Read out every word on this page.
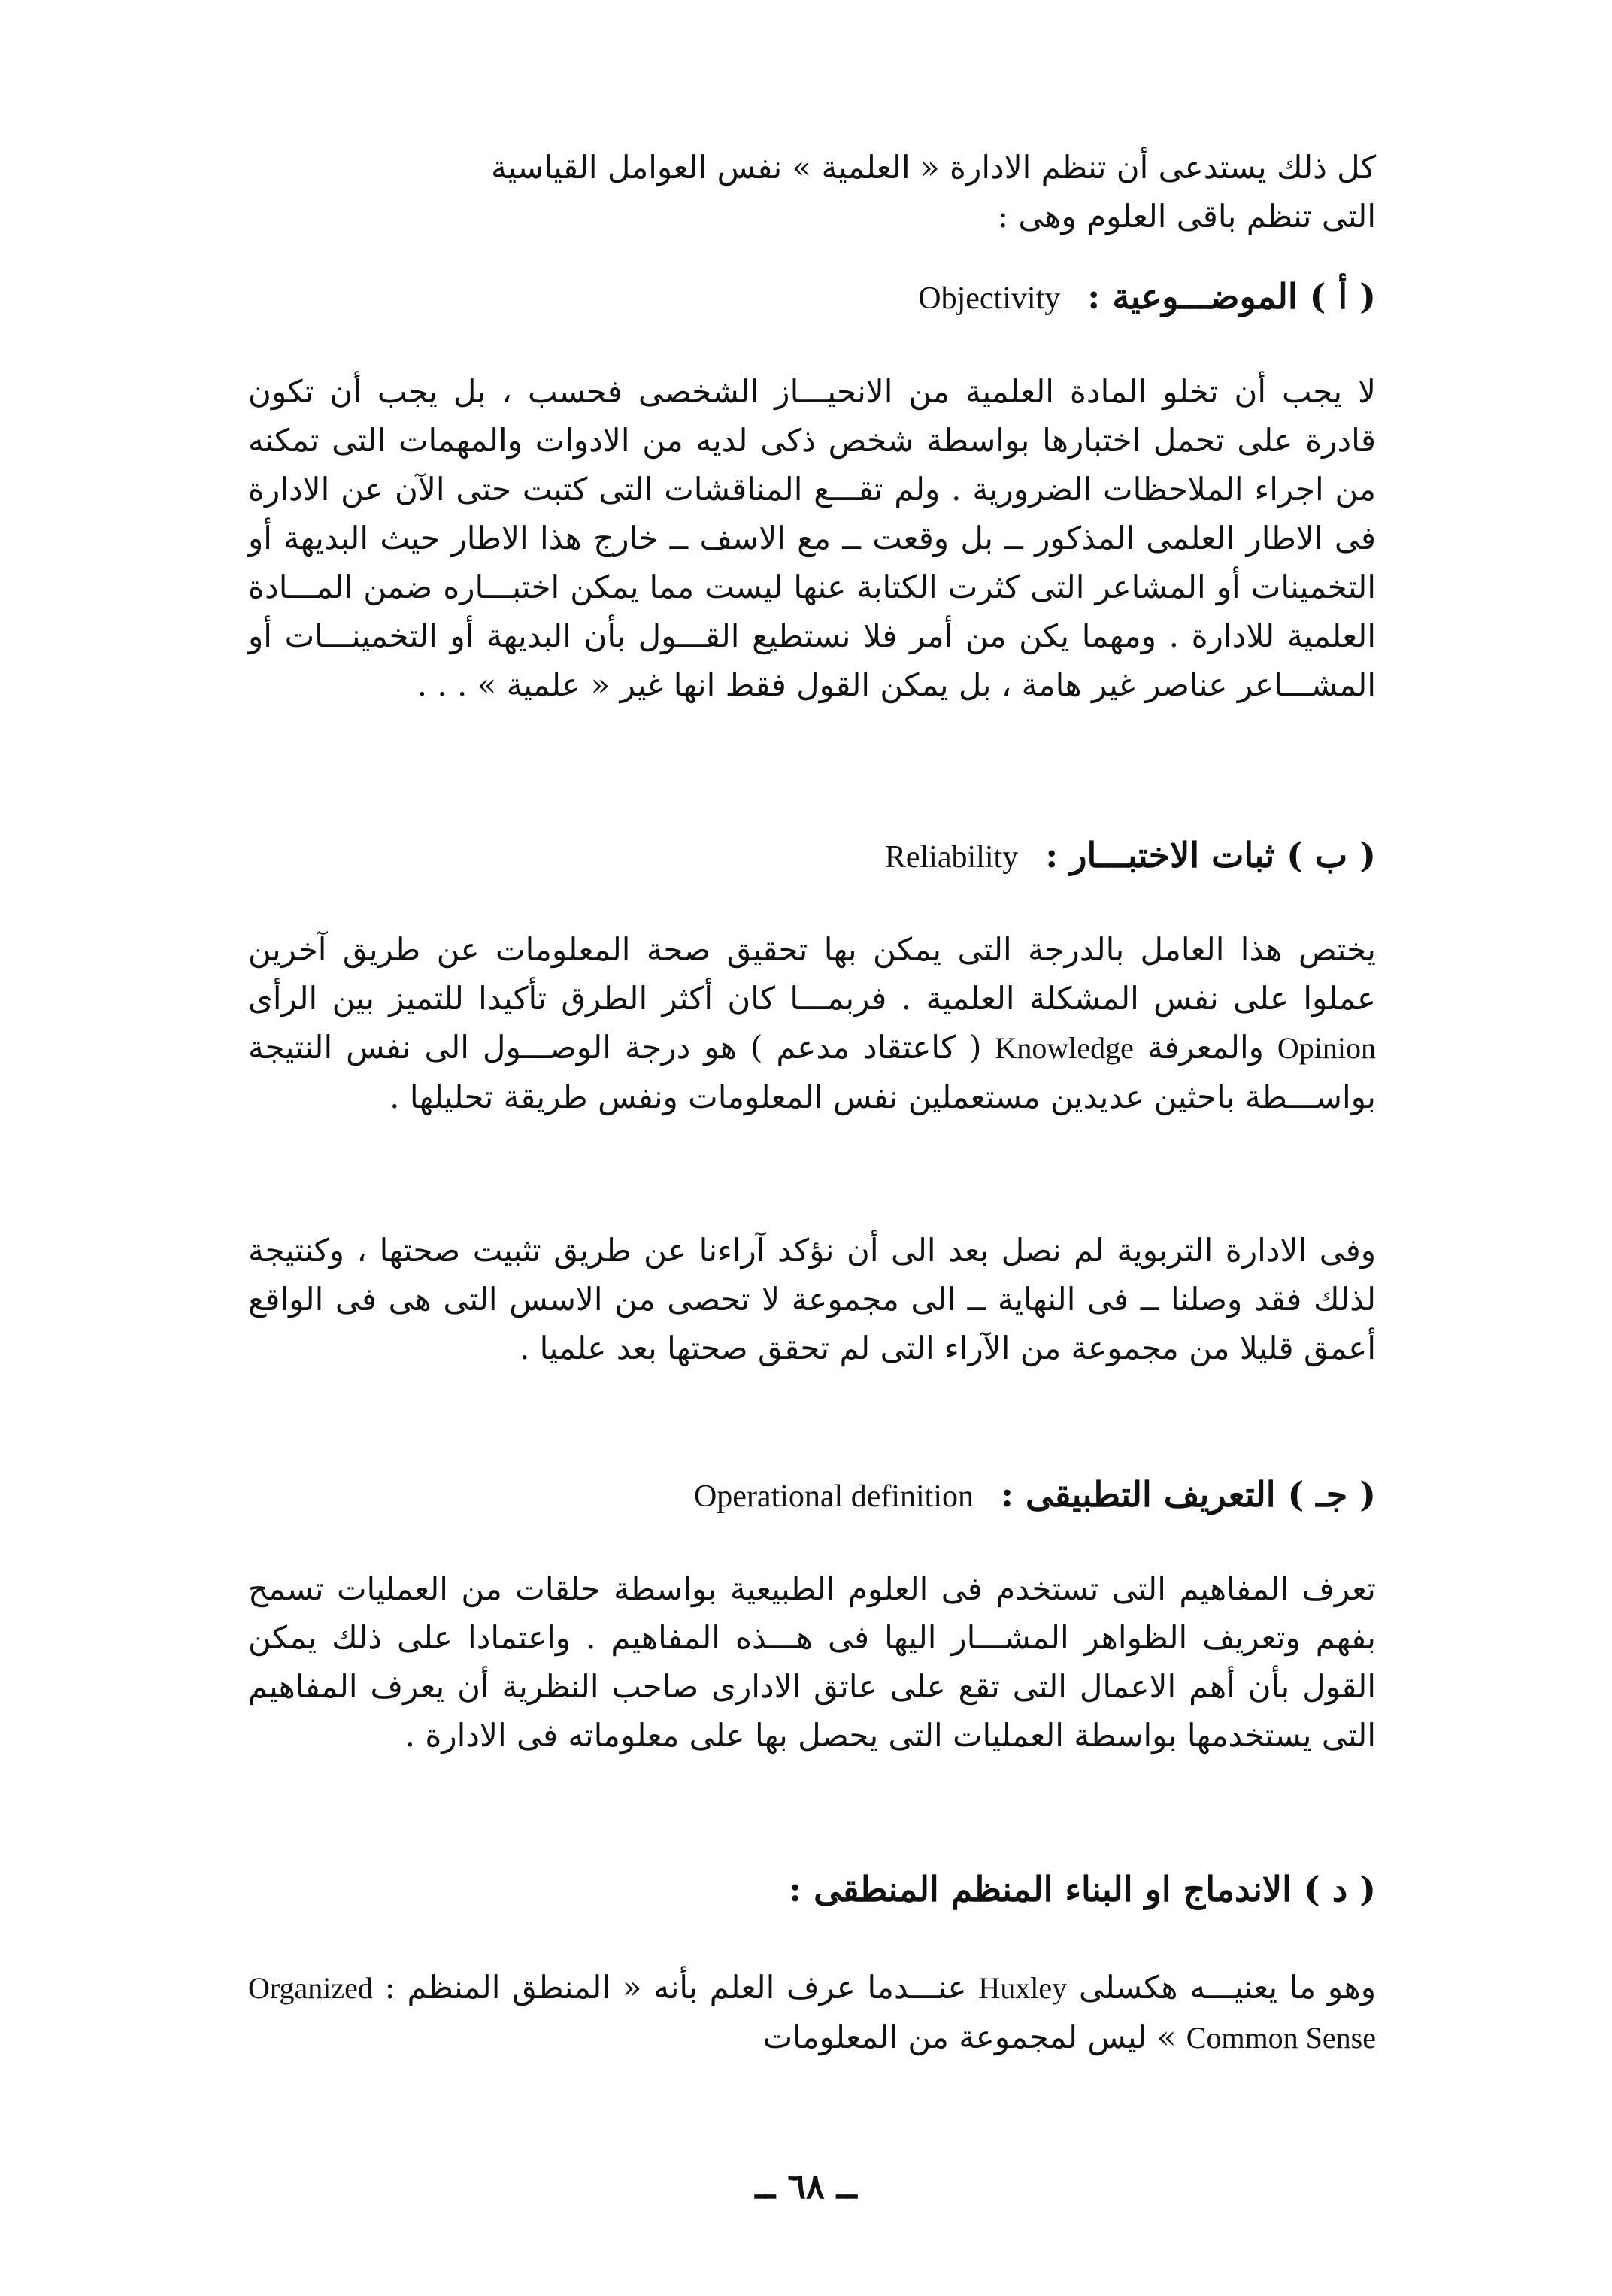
كل ذلك يستدعى أن تنظم الادارة « العلمية » نفس العوامل القياسية
التى تنظم باقى العلوم وهى :
( أ ) الموضـــوعية : Objectivity

لا يجب أن تخلو المادة العلمية من الانحيـــاز الشخصى فحسب ، بل يجب أن تكون قادرة على تحمل اختبارها بواسطة شخص ذكى لديه من الادوات والمهمات التى تمكنه من اجراء الملاحظات الضرورية . ولم تقـــع المناقشات التى كتبت حتى الآن عن الادارة فى الاطار العلمى المذكور ــ بل وقعت ــ مع الاسف ــ خارج هذا الاطار حيث البديهة أو التخمينات أو المشاعر التى كثرت الكتابة عنها ليست مما يمكن اختبـــاره ضمن المـــادة العلمية للادارة . ومهما يكن من أمر فلا نستطيع القـــول بأن البديهة أو التخمينـــات أو المشـــاعر عناصر غير هامة ، بل يمكن القول فقط انها غير « علمية » . . .

( ب ) ثبات الاختبـــار : Reliability

يختص هذا العامل بالدرجة التى يمكن بها تحقيق صحة المعلومات عن طريق آخرين عملوا على نفس المشكلة العلمية . فربمـــا كان أكثر الطرق تأكيدا للتميز بين الرأى Opinion والمعرفة Knowledge ( كاعتقاد مدعم ) هو درجة الوصـــول الى نفس النتيجة بواســـطة باحثين عديدين مستعملين نفس المعلومات ونفس طريقة تحليلها .

وفى الادارة التربوية لم نصل بعد الى أن نؤكد آراءنا عن طريق تثبيت صحتها ، وكنتيجة لذلك فقد وصلنا ــ فى النهاية ــ الى مجموعة لا تحصى من الاسس التى هى فى الواقع أعمق قليلا من مجموعة من الآراء التى لم تحقق صحتها بعد علميا .

( جـ ) التعريف التطبيقى : Operational definition

تعرف المفاهيم التى تستخدم فى العلوم الطبيعية بواسطة حلقات من العمليات تسمح بفهم وتعريف الظواهر المشـــار اليها فى هـــذه المفاهيم . واعتمادا على ذلك يمكن القول بأن أهم الاعمال التى تقع على عاتق الادارى صاحب النظرية أن يعرف المفاهيم التى يستخدمها بواسطة العمليات التى يحصل بها على معلوماته فى الادارة .

( د ) الاندماج او البناء المنظم المنطقى :

وهو ما يعنيـــه هكسلى Huxley عنـــدما عرف العلم بأنه « المنطق المنظم : Organized Common Sense » ليس لمجموعة من المعلومات

ــ ٦٨ ــ
